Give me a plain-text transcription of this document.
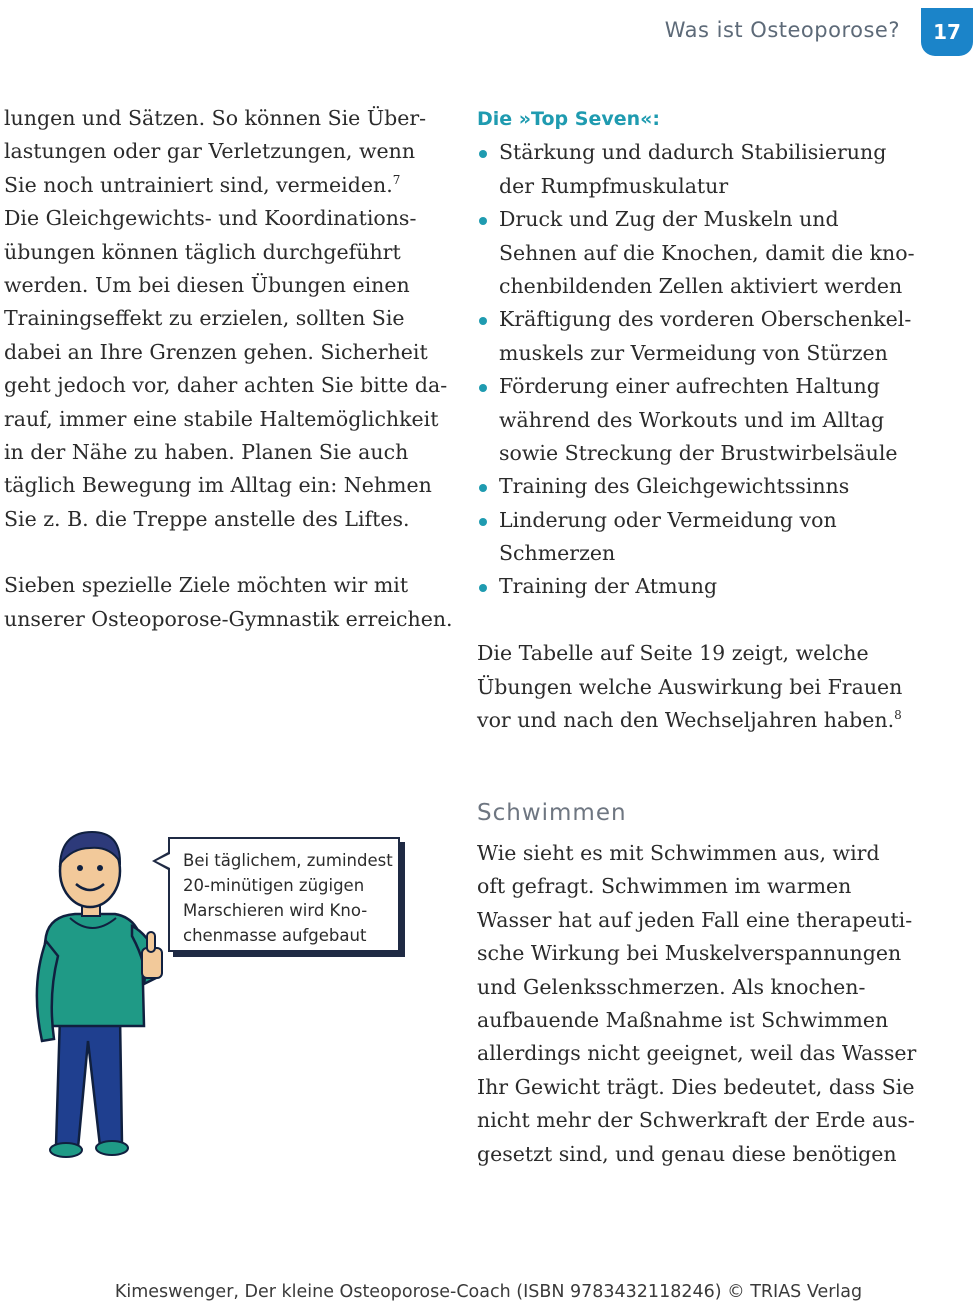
Was ist Osteoporose?	17
lungen und Sätzen. So können Sie Über-
lastungen oder gar Verletzungen, wenn
Sie noch untrainiert sind, vermeiden.$^7$
Die Gleichgewichts- und Koordinations-
übungen können täglich durchgeführt
werden. Um bei diesen Übungen einen
Trainingseffekt zu erzielen, sollten Sie
dabei an Ihre Grenzen gehen. Sicherheit
geht jedoch vor, daher achten Sie bitte da-
rauf, immer eine stabile Haltemöglichkeit
in der Nähe zu haben. Planen Sie auch
täglich Bewegung im Alltag ein: Nehmen
Sie z. B. die Treppe anstelle des Liftes.
Sieben spezielle Ziele möchten wir mit
unserer Osteoporose-Gymnastik erreichen.
Die »Top Seven«:
Stärkung und dadurch Stabilisierung
der Rumpfmuskulatur
Druck und Zug der Muskeln und
Sehnen auf die Knochen, damit die kno-
chenbildenden Zellen aktiviert werden
Kräftigung des vorderen Oberschenkel-
muskels zur Vermeidung von Stürzen
Förderung einer aufrechten Haltung
während des Workouts und im Alltag
sowie Streckung der Brustwirbelsäule
Training des Gleichgewichtssinns
Linderung oder Vermeidung von
Schmerzen
Training der Atmung
Die Tabelle auf Seite 19 zeigt, welche
Übungen welche Auswirkung bei Frauen
vor und nach den Wechseljahren haben.$^8$
Schwimmen
Wie sieht es mit Schwimmen aus, wird
oft gefragt. Schwimmen im warmen
Wasser hat auf jeden Fall eine therapeuti-
sche Wirkung bei Muskelverspannungen
und Gelenksschmerzen. Als knochen-
aufbauende Maßnahme ist Schwimmen
allerdings nicht geeignet, weil das Wasser
Ihr Gewicht trägt. Dies bedeutet, dass Sie
nicht mehr der Schwerkraft der Erde aus-
gesetzt sind, und genau diese benötigen
Bei täglichem, zumindest
20-minütigen zügigen
Marschieren wird Kno-
chenmasse aufgebaut
Kimeswenger, Der kleine Osteoporose-Coach (ISBN 9783432118246) © TRIAS Verlag
